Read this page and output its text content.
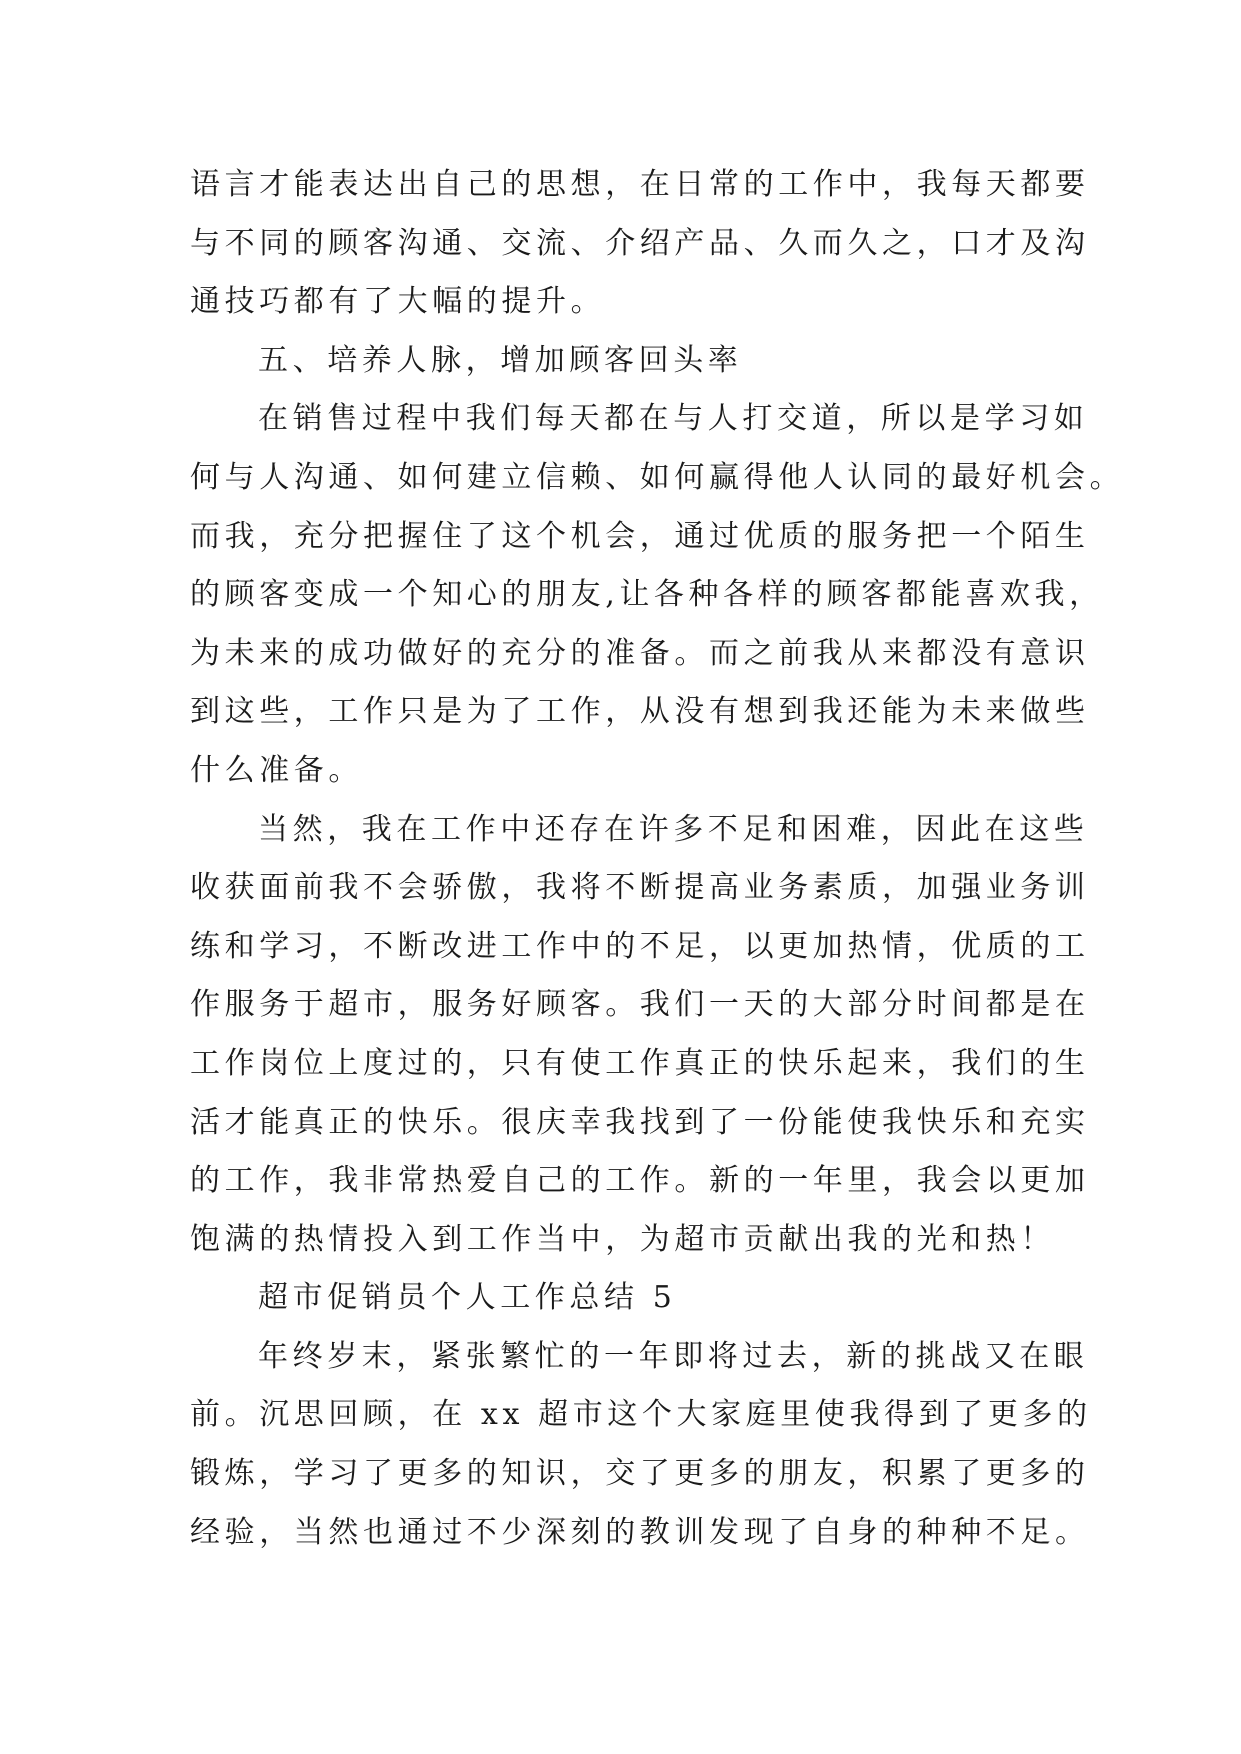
语言才能表达出自己的思想，在日常的工作中，我每天都要
与不同的顾客沟通、交流、介绍产品、久而久之，口才及沟
通技巧都有了大幅的提升。
五、培养人脉，增加顾客回头率
在销售过程中我们每天都在与人打交道，所以是学习如
何与人沟通、如何建立信赖、如何赢得他人认同的最好机会。
而我，充分把握住了这个机会，通过优质的服务把一个陌生
的顾客变成一个知心的朋友,让各种各样的顾客都能喜欢我，
为未来的成功做好的充分的准备。而之前我从来都没有意识
到这些，工作只是为了工作，从没有想到我还能为未来做些
什么准备。
当然，我在工作中还存在许多不足和困难，因此在这些
收获面前我不会骄傲，我将不断提高业务素质，加强业务训
练和学习，不断改进工作中的不足，以更加热情，优质的工
作服务于超市，服务好顾客。我们一天的大部分时间都是在
工作岗位上度过的，只有使工作真正的快乐起来，我们的生
活才能真正的快乐。很庆幸我找到了一份能使我快乐和充实
的工作，我非常热爱自己的工作。新的一年里，我会以更加
饱满的热情投入到工作当中，为超市贡献出我的光和热！
超市促销员个人工作总结 5
年终岁末，紧张繁忙的一年即将过去，新的挑战又在眼
前。沉思回顾，在 xx 超市这个大家庭里使我得到了更多的
锻炼，学习了更多的知识，交了更多的朋友，积累了更多的
经验，当然也通过不少深刻的教训发现了自身的种种不足。
